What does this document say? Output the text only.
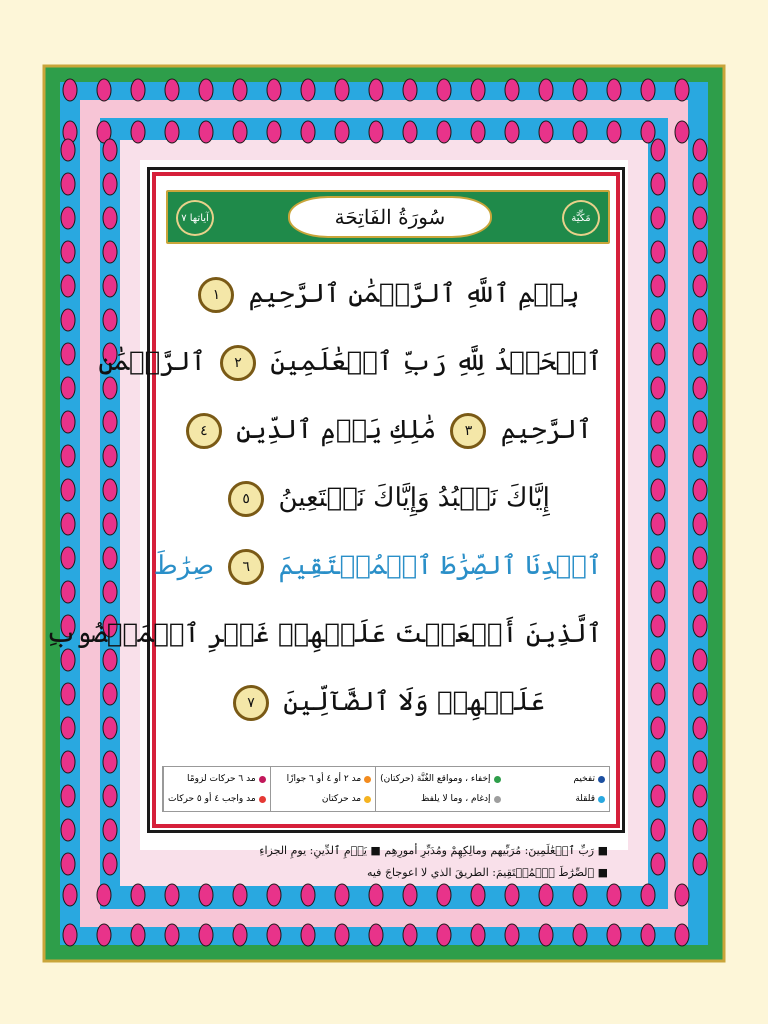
مَكِّيَّة
سُورَةُ الفَاتِحَة
آياتها ٧
بِسۡمِ ٱللَّهِ ٱلرَّحۡمَٰنِ ٱلرَّحِيمِ ١
ٱلۡحَمۡدُ لِلَّهِ رَبِّ ٱلۡعَٰلَمِينَ ٢ ٱلرَّحۡمَٰنِ
ٱلرَّحِيمِ ٣ مَٰلِكِ يَوۡمِ ٱلدِّينِ ٤
إِيَّاكَ نَعۡبُدُ وَإِيَّاكَ نَسۡتَعِينُ ٥
ٱهۡدِنَا ٱلصِّرَٰطَ ٱلۡمُسۡتَقِيمَ ٦ صِرَٰطَ
ٱلَّذِينَ أَنۡعَمۡتَ عَلَيۡهِمۡ غَيۡرِ ٱلۡمَغۡضُوبِ
عَلَيۡهِمۡ وَلَا ٱلضَّآلِّينَ ٧
مد ٦ حركات لزومًا
مد واجب ٤ أو ٥ حركات
مد ٢ أو ٤ أو ٦ جوازًا
مد حركتان
إخفاء ، ومواقع الغُنَّة (حركتان)
إدغام ، وما لا يلفظ
تفخيم
قلقلة
■ رَبِّ ٱلۡعَٰلَمِينَ: مُرَبِّيهم ومالِكِهِمْ ومُدَبِّرِ أمورِهِم ■ يَوۡمِ ٱلدِّينِ: يومِ الجزاءِ
■ ٱلصِّرَٰطَ ٱلۡمُسۡتَقِيمَ: الطريقَ الذي لا اعوجاجَ فيه
